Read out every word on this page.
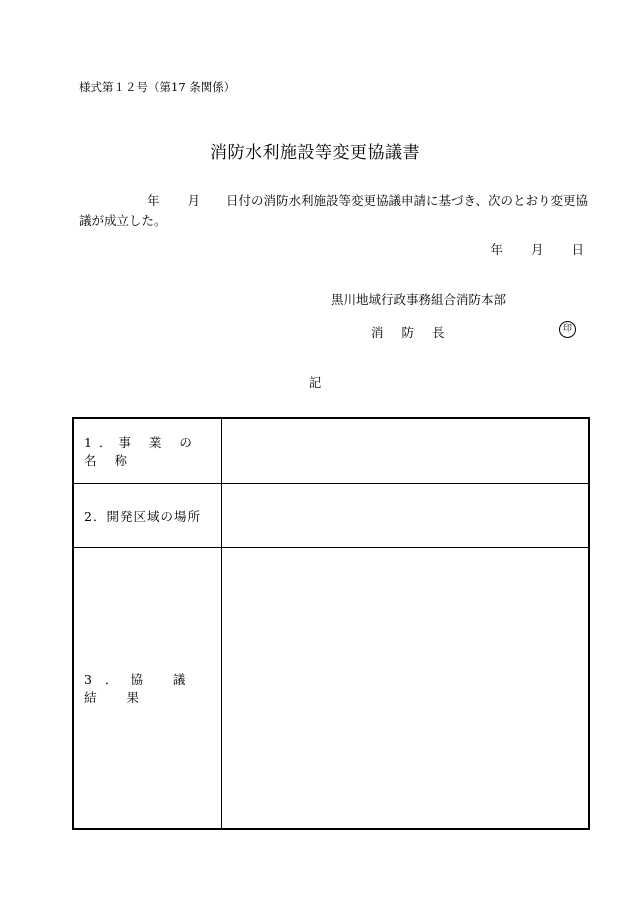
様式第１２号（第17 条関係）
消防水利施設等変更協議書
年 月 日付の消防水利施設等変更協議申請に基づき、次のとおり変更協議が成立した。
年 月 日
黒川地域行政事務組合消防本部
消 防 長	印
記
1．事 業 の 名 称	
2．開発区域の場所	
3．協 議 結 果	
